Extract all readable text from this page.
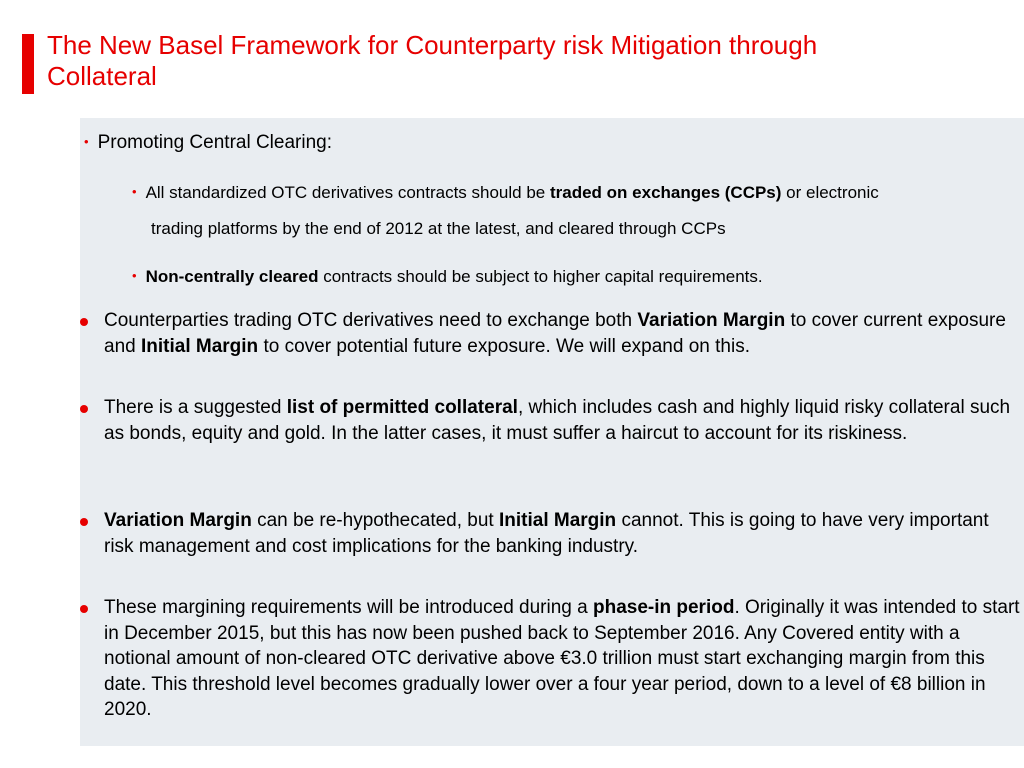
The New Basel Framework for Counterparty risk Mitigation through
Collateral
• Promoting Central Clearing:
• All standardized OTC derivatives contracts should be traded on exchanges (CCPs) or electronic
trading platforms by the end of 2012 at the latest, and cleared through CCPs
• Non-centrally cleared contracts should be subject to higher capital requirements.
Counterparties trading OTC derivatives need to exchange both Variation Margin to cover current exposure and Initial Margin to cover potential future exposure. We will expand on this.
There is a suggested list of permitted collateral, which includes cash and highly liquid risky collateral such as bonds, equity and gold. In the latter cases, it must suffer a haircut to account for its riskiness.
Variation Margin can be re-hypothecated, but Initial Margin cannot. This is going to have very important risk management and cost implications for the banking industry.
These margining requirements will be introduced during a phase-in period. Originally it was intended to start in December 2015, but this has now been pushed back to September 2016. Any Covered entity with a notional amount of non-cleared OTC derivative above €3.0 trillion must start exchanging margin from this date. This threshold level becomes gradually lower over a four year period, down to a level of €8 billion in 2020.
